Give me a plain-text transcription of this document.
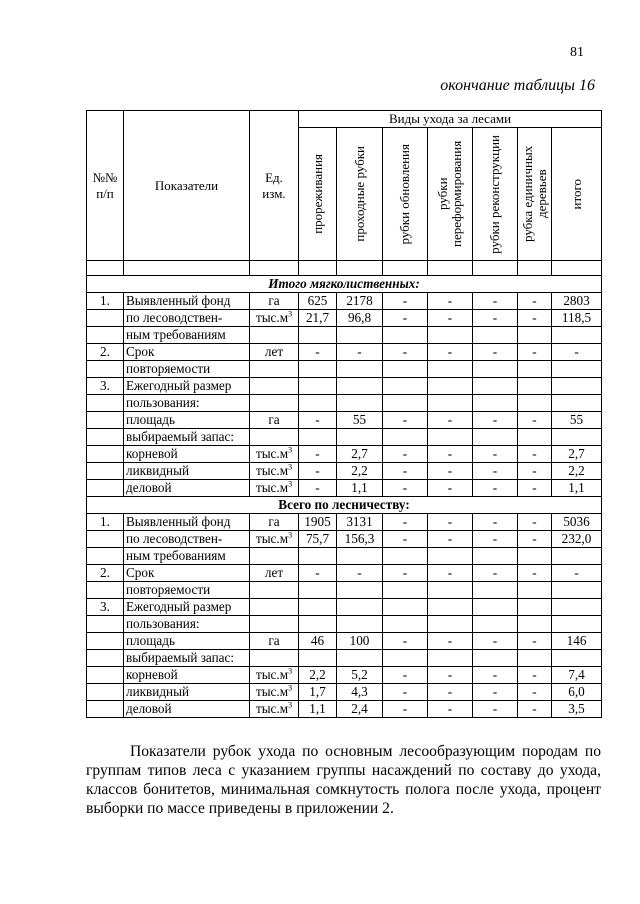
81
окончание таблицы 16
№№ п/п	Показатели	Ед. изм.	Виды ухода за лесами						

			прореживания	проходные рубки	рубки обновления	рубки переформирования	рубки реконструкции	рубка единичных деревьев	итого

Итого мягколиственных:									
1.	Выявленный фонд	га	625	2178	-	-	-	-	2803
	по лесоводствен-	$тыс.м^3$	21,7	96,8	-	-	-	-	118,5
	ным требованиям								
2.	Срок	лет	-	-	-	-	-	-	-
	повторяемости								
3.	Ежегодный размер								
	пользования:								
	площадь	га	-	55	-	-	-	-	55
	выбираемый запас:								
	корневой	$тыс.м^3$	-	2,7	-	-	-	-	2,7
	ликвидный	$тыс.м^3$	-	2,2	-	-	-	-	2,2
	деловой	$тыс.м^3$	-	1,1	-	-	-	-	1,1
Всего по лесничеству:									
1.	Выявленный фонд	га	1905	3131	-	-	-	-	5036
	по лесоводствен-	$тыс.м^3$	75,7	156,3	-	-	-	-	232,0
	ным требованиям								
2.	Срок	лет	-	-	-	-	-	-	-
	повторяемости								
3.	Ежегодный размер								
	пользования:								
	площадь	га	46	100	-	-	-	-	146
	выбираемый запас:								
	корневой	$тыс.м^3$	2,2	5,2	-	-	-	-	7,4
	ликвидный	$тыс.м^3$	1,7	4,3	-	-	-	-	6,0
	деловой	$тыс.м^3$	1,1	2,4	-	-	-	-	3,5
Показатели рубок ухода по основным лесообразующим породам по группам типов леса с указанием группы насаждений по составу до ухода, классов бонитетов, минимальная сомкнутость полога после ухода, процент выборки по массе приведены в приложении 2.
